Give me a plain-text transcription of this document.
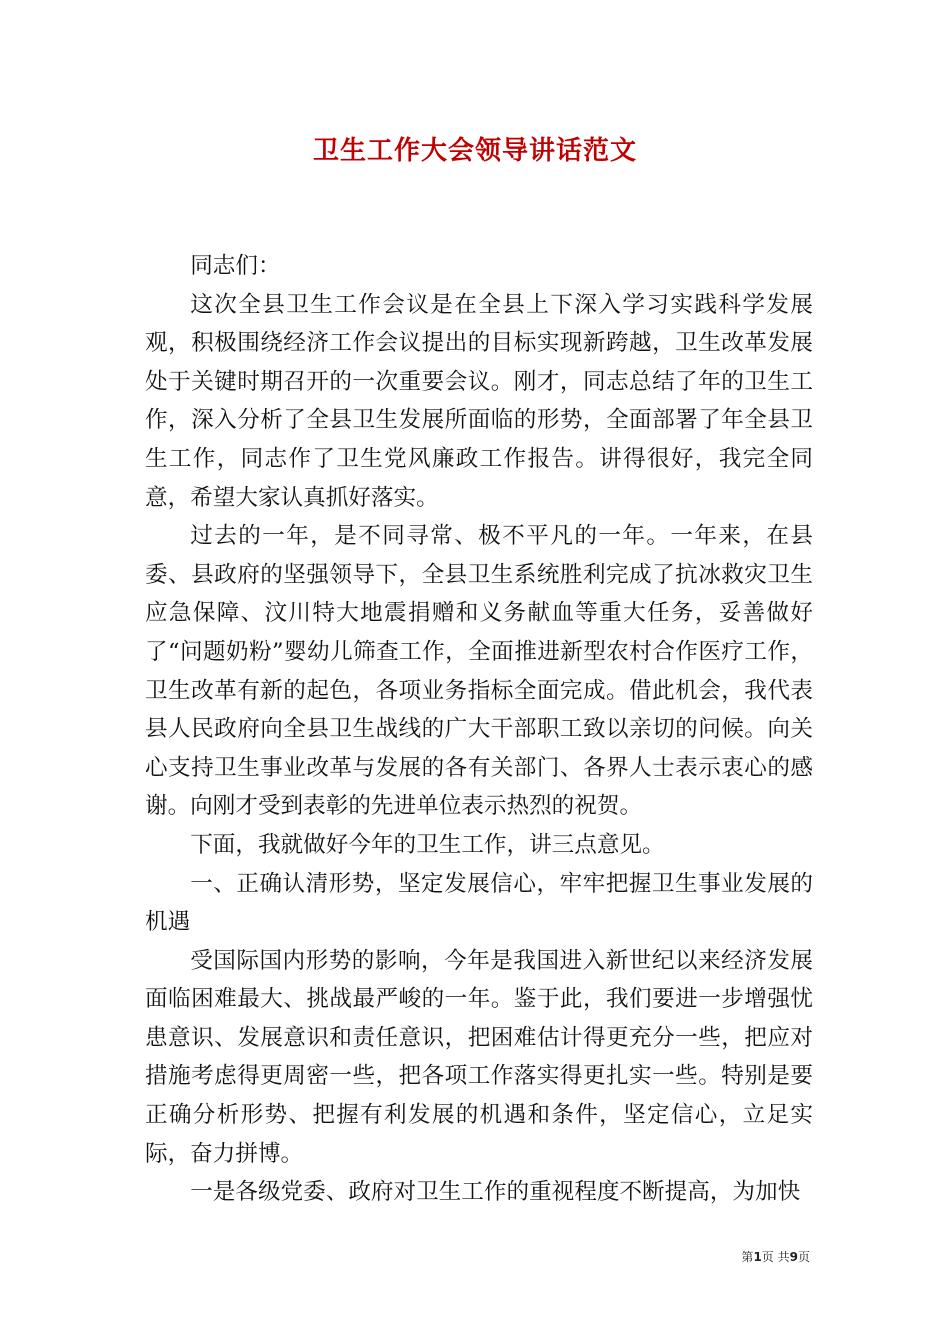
卫生工作大会领导讲话范文

同志们：

这次全县卫生工作会议是在全县上下深入学习实践科学发展观，积极围绕经济工作会议提出的目标实现新跨越，卫生改革发展处于关键时期召开的一次重要会议。刚才，同志总结了年的卫生工作，深入分析了全县卫生发展所面临的形势，全面部署了年全县卫生工作，同志作了卫生党风廉政工作报告。讲得很好，我完全同意，希望大家认真抓好落实。

过去的一年，是不同寻常、极不平凡的一年。一年来，在县委、县政府的坚强领导下，全县卫生系统胜利完成了抗冰救灾卫生应急保障、汶川特大地震捐赠和义务献血等重大任务，妥善做好了“问题奶粉”婴幼儿筛查工作，全面推进新型农村合作医疗工作，卫生改革有新的起色，各项业务指标全面完成。借此机会，我代表县人民政府向全县卫生战线的广大干部职工致以亲切的问候。向关心支持卫生事业改革与发展的各有关部门、各界人士表示衷心的感谢。向刚才受到表彰的先进单位表示热烈的祝贺。

下面，我就做好今年的卫生工作，讲三点意见。

一、正确认清形势，坚定发展信心，牢牢把握卫生事业发展的机遇

受国际国内形势的影响，今年是我国进入新世纪以来经济发展面临困难最大、挑战最严峻的一年。鉴于此，我们要进一步增强忧患意识、发展意识和责任意识，把困难估计得更充分一些，把应对措施考虑得更周密一些，把各项工作落实得更扎实一些。特别是要正确分析形势、把握有利发展的机遇和条件，坚定信心，立足实际，奋力拼博。

一是各级党委、政府对卫生工作的重视程度不断提高，为加快

第1页 共9页
